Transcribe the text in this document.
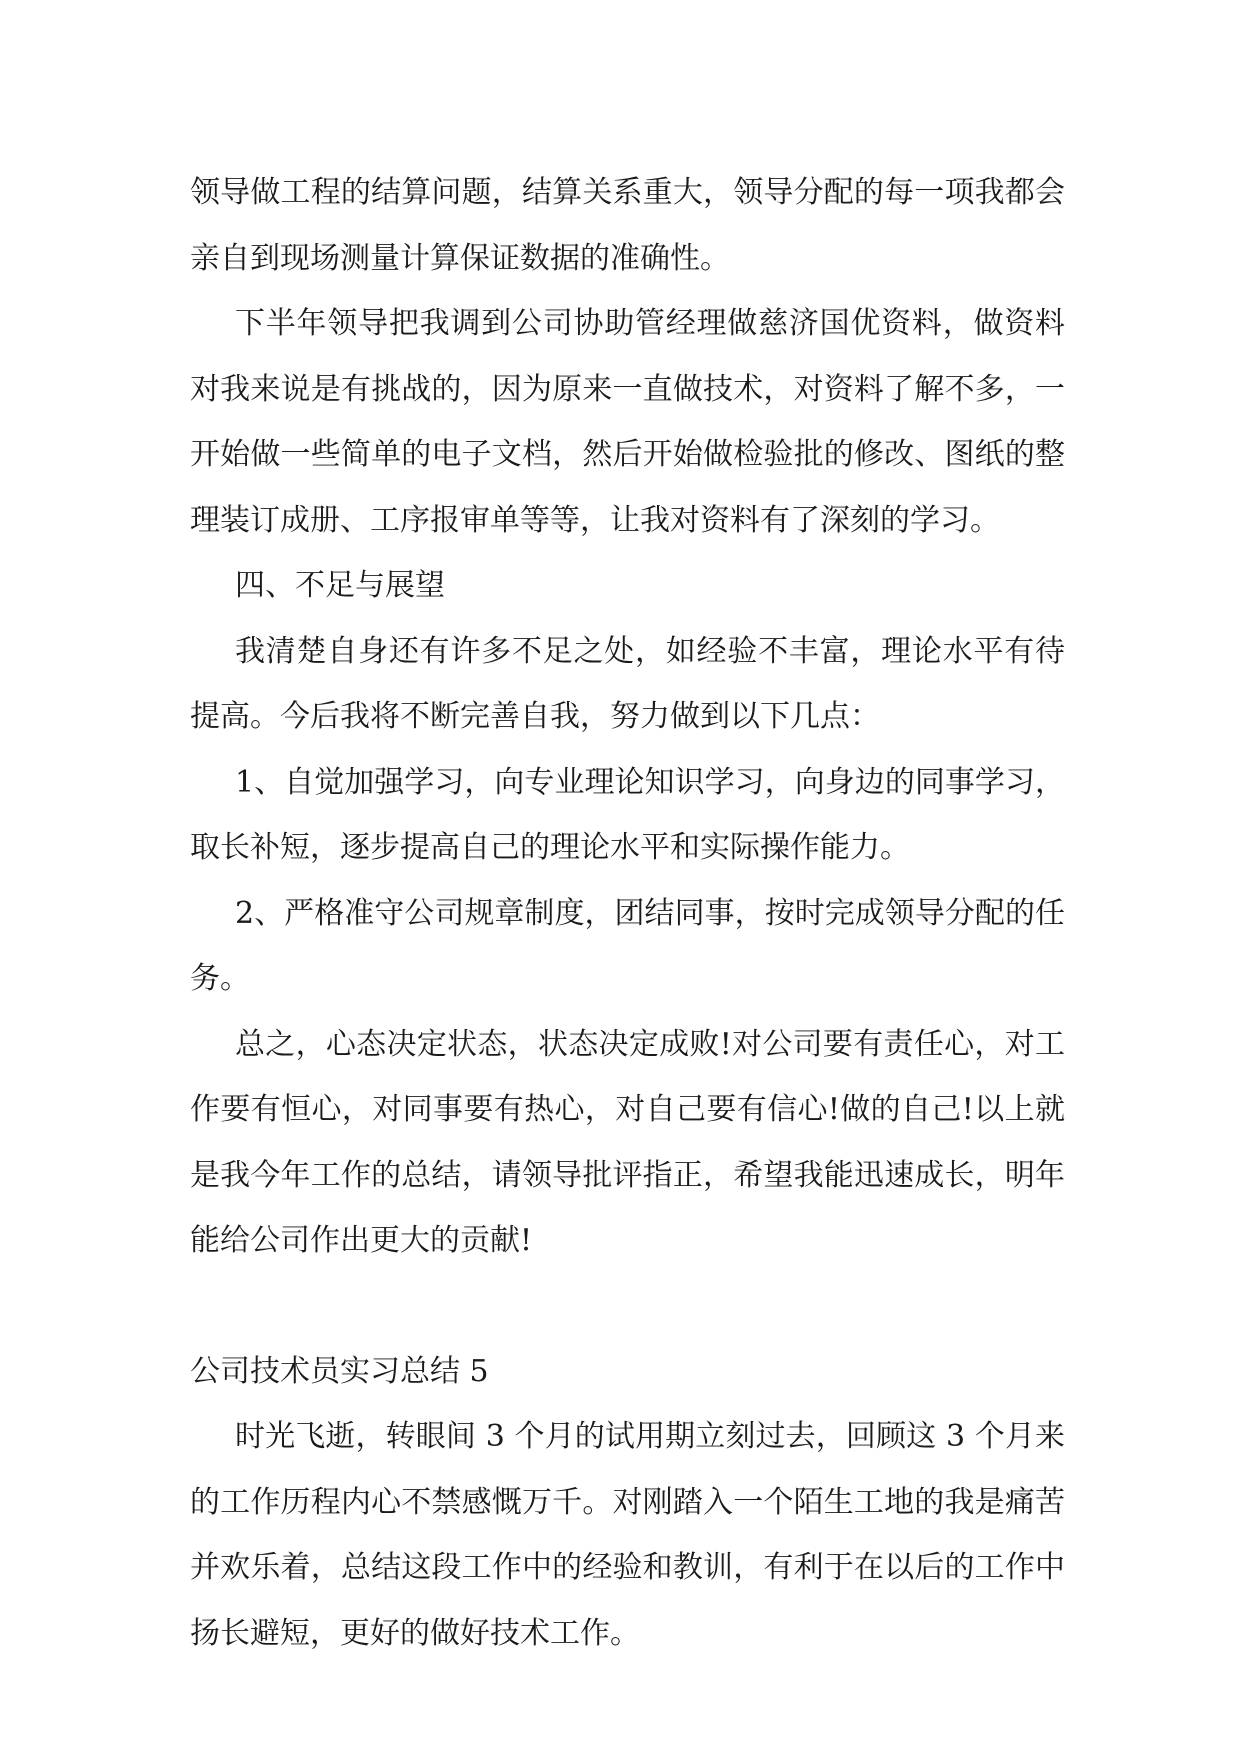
领导做工程的结算问题，结算关系重大，领导分配的每一项我都会亲自到现场测量计算保证数据的准确性。

下半年领导把我调到公司协助管经理做慈济国优资料，做资料对我来说是有挑战的，因为原来一直做技术，对资料了解不多，一开始做一些简单的电子文档，然后开始做检验批的修改、图纸的整理装订成册、工序报审单等等，让我对资料有了深刻的学习。

四、不足与展望

我清楚自身还有许多不足之处，如经验不丰富，理论水平有待提高。今后我将不断完善自我，努力做到以下几点：

1、自觉加强学习，向专业理论知识学习，向身边的同事学习，取长补短，逐步提高自己的理论水平和实际操作能力。

2、严格准守公司规章制度，团结同事，按时完成领导分配的任务。

总之，心态决定状态，状态决定成败!对公司要有责任心，对工作要有恒心，对同事要有热心，对自己要有信心!做的自己!以上就是我今年工作的总结，请领导批评指正，希望我能迅速成长，明年能给公司作出更大的贡献!

公司技术员实习总结 5

时光飞逝，转眼间 3 个月的试用期立刻过去，回顾这 3 个月来的工作历程内心不禁感慨万千。对刚踏入一个陌生工地的我是痛苦并欢乐着，总结这段工作中的经验和教训，有利于在以后的工作中扬长避短，更好的做好技术工作。
